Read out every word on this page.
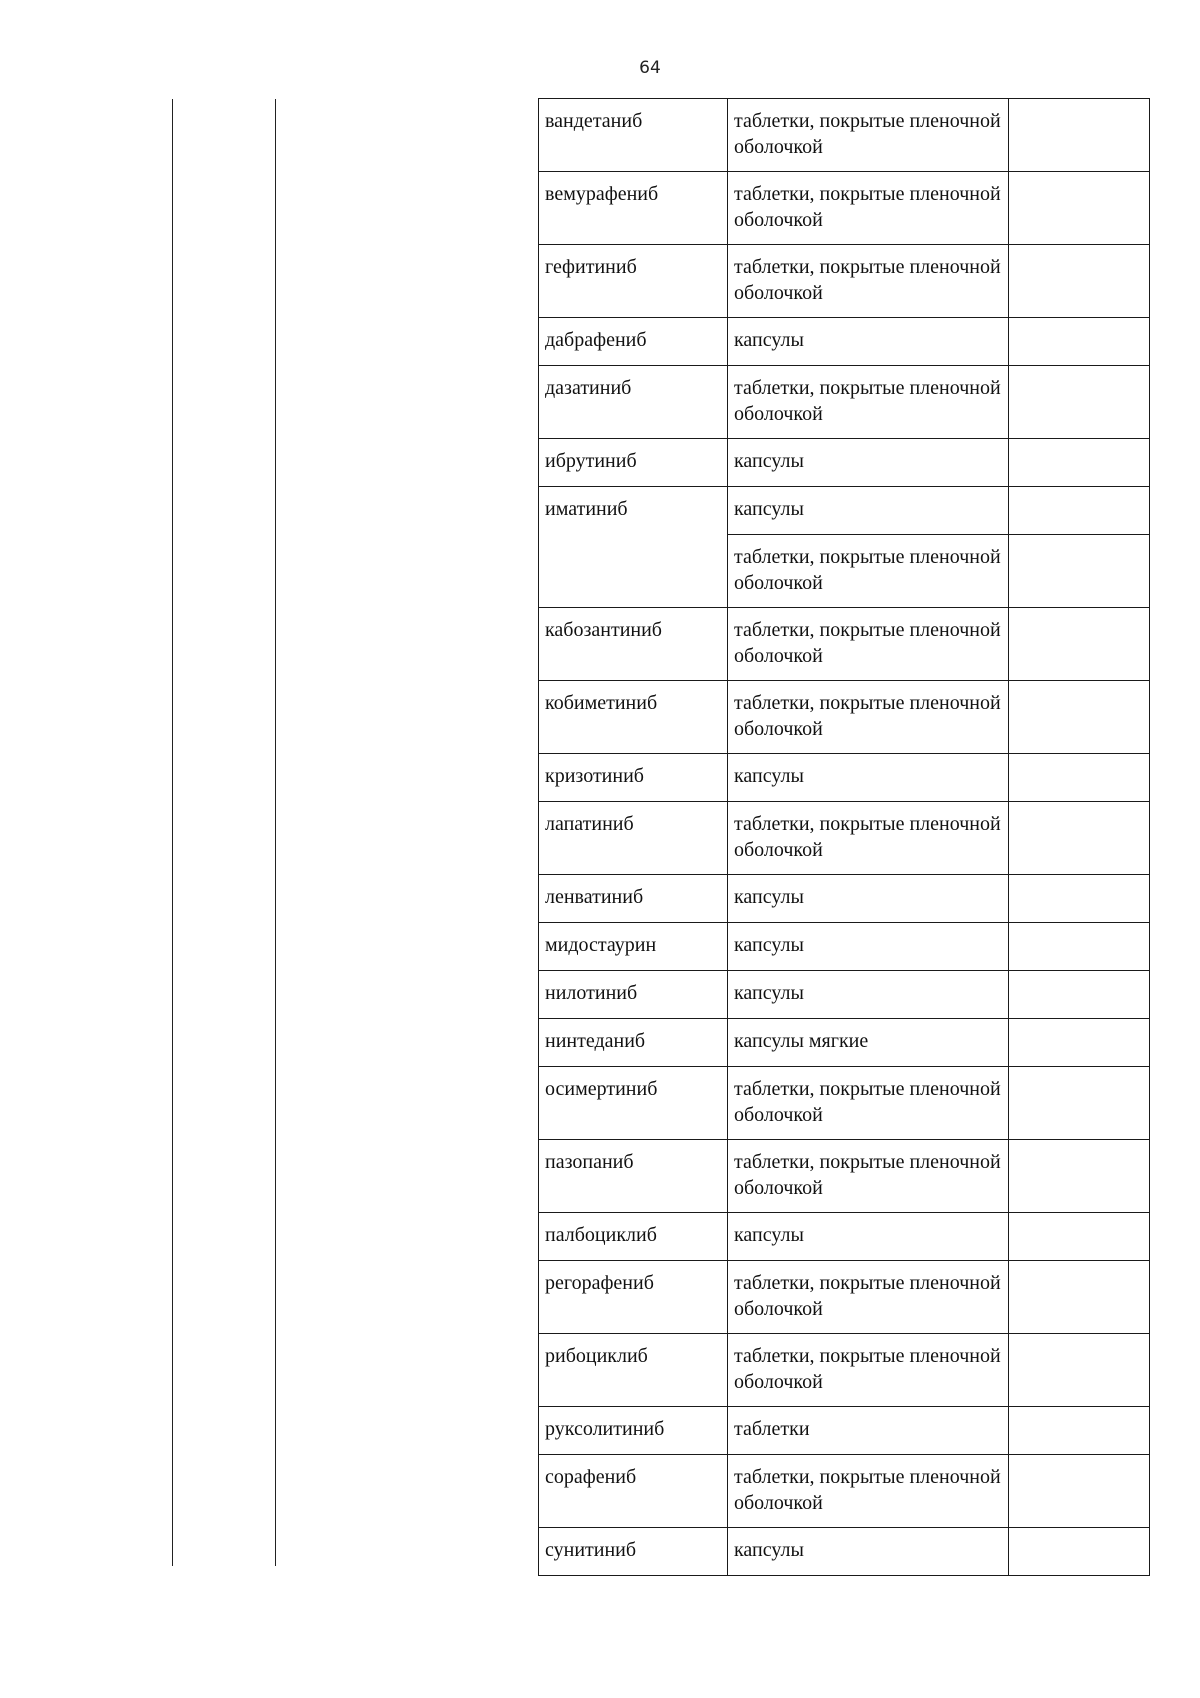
64
вандетаниб	таблетки, покрытые пленочной оболочкой	
вемурафениб	таблетки, покрытые пленочной оболочкой	
гефитиниб	таблетки, покрытые пленочной оболочкой	
дабрафениб	капсулы	
дазатиниб	таблетки, покрытые пленочной оболочкой	
ибрутиниб	капсулы	
иматиниб	капсулы	
	таблетки, покрытые пленочной оболочкой	
кабозантиниб	таблетки, покрытые пленочной оболочкой	
кобиметиниб	таблетки, покрытые пленочной оболочкой	
кризотиниб	капсулы	
лапатиниб	таблетки, покрытые пленочной оболочкой	
ленватиниб	капсулы	
мидостаурин	капсулы	
нилотиниб	капсулы	
нинтеданиб	капсулы мягкие	
осимертиниб	таблетки, покрытые пленочной оболочкой	
пазопаниб	таблетки, покрытые пленочной оболочкой	
палбоциклиб	капсулы	
регорафениб	таблетки, покрытые пленочной оболочкой	
рибоциклиб	таблетки, покрытые пленочной оболочкой	
руксолитиниб	таблетки	
сорафениб	таблетки, покрытые пленочной оболочкой	
сунитиниб	капсулы	
